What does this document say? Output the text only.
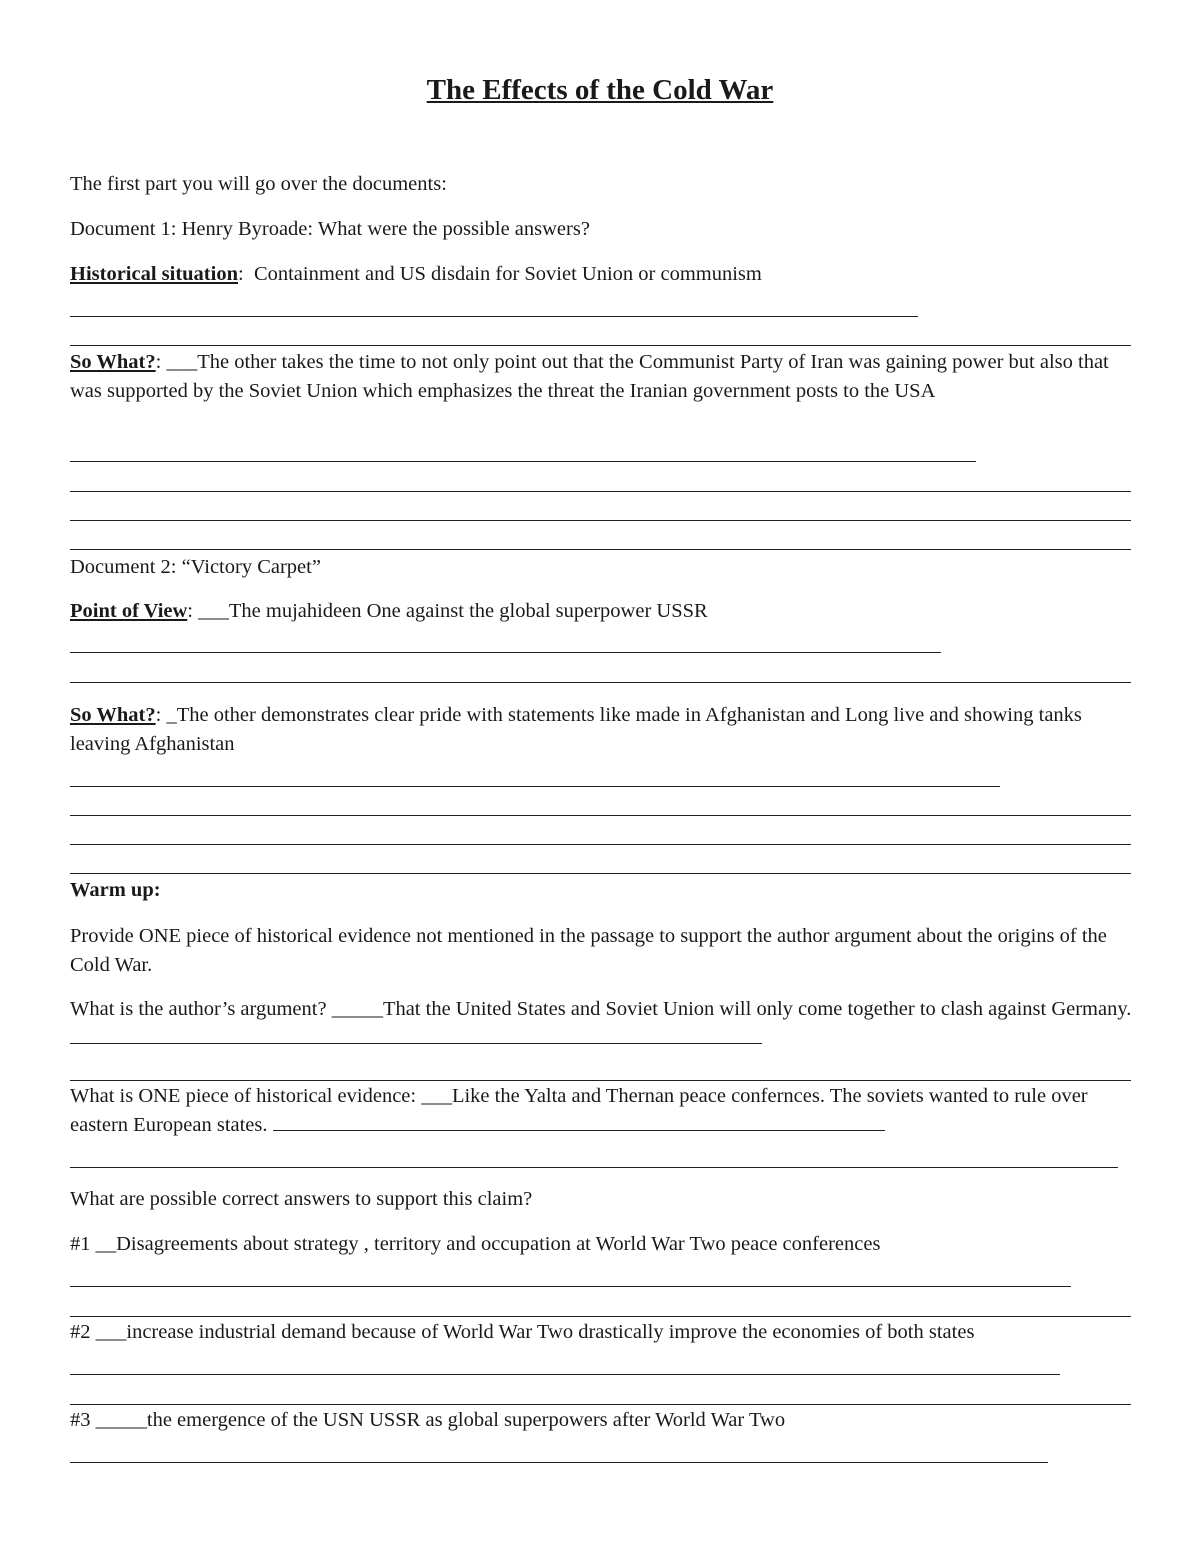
The Effects of the Cold War
The first part you will go over the documents:
Document 1: Henry Byroade: What were the possible answers?
Historical situation:  Containment and US disdain for Soviet Union or communism
So What?: ___The other takes the time to not only point out that the Communist Party of Iran was gaining power but also that was supported by the Soviet Union which emphasizes the threat the Iranian government posts to the USA
Document 2: “Victory Carpet”
Point of View: ___The mujahideen One against the global superpower USSR
So What?: _The other demonstrates clear pride with statements like made in Afghanistan and Long live and showing tanks leaving Afghanistan
Warm up:
Provide ONE piece of historical evidence not mentioned in the passage to support the author argument about the origins of the Cold War.
What is the author’s argument? _____That the United States and Soviet Union will only come together to clash against Germany.
What is ONE piece of historical evidence: ___Like the Yalta and Thernan peace confernces. The soviets wanted to rule over eastern European states.
What are possible correct answers to support this claim?
#1 __Disagreements about strategy , territory and occupation at World War Two peace conferences
#2 ___increase industrial demand because of World War Two drastically improve the economies of both states
#3 _____the emergence of the USN USSR as global superpowers after World War Two
